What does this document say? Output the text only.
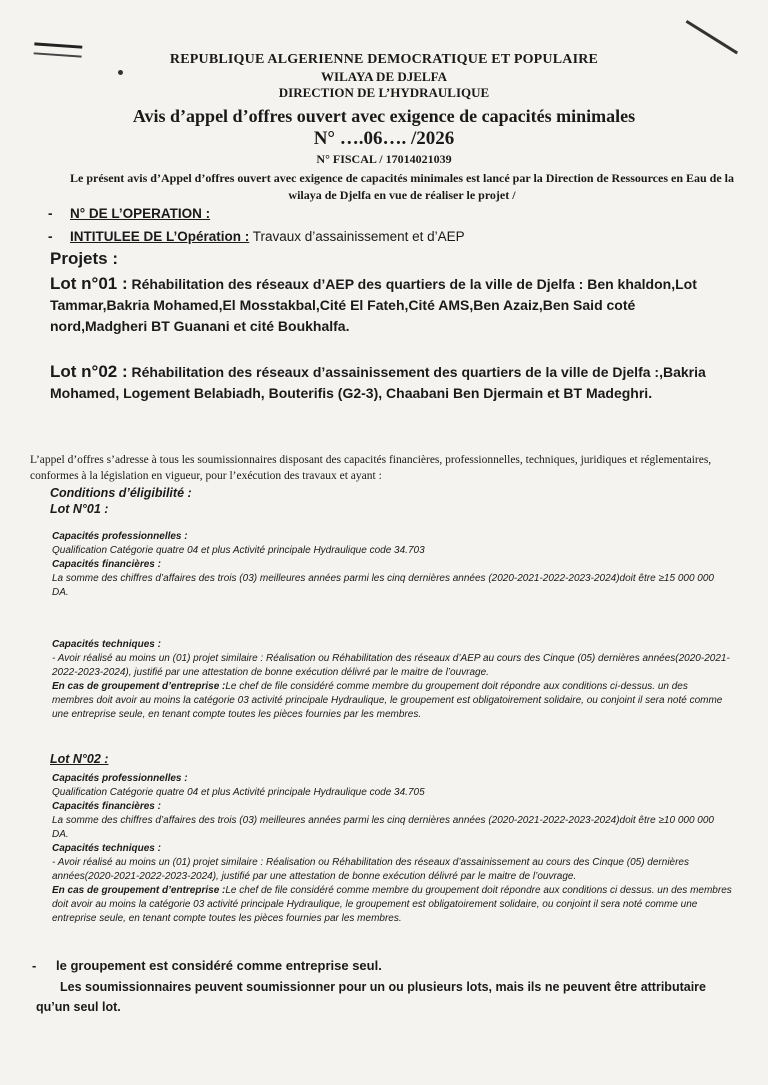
REPUBLIQUE ALGERIENNE DEMOCRATIQUE ET POPULAIRE
WILAYA DE DJELFA
DIRECTION DE L’HYDRAULIQUE
Avis d’appel d’offres ouvert avec exigence de capacités minimales
N° ….06…. /2026
N° FISCAL / 17014021039
Le présent avis d’Appel d’offres ouvert avec exigence de capacités minimales est lancé par la Direction de Ressources en Eau de la wilaya de Djelfa en vue de réaliser le projet /
- N° DE L’OPERATION :
- INTITULEE DE L’Opération : Travaux d’assainissement et d’AEP
Projets :
Lot n°01 : Réhabilitation des réseaux d’AEP des quartiers de la ville de Djelfa : Ben khaldon,Lot Tammar,Bakria Mohamed,El Mosstakbal,Cité El Fateh,Cité AMS,Ben Azaiz,Ben Said coté nord,Madgheri BT Guanani et cité Boukhalfa.
Lot n°02 : Réhabilitation des réseaux d’assainissement des quartiers de la ville de Djelfa :,Bakria Mohamed, Logement Belabiadh, Bouterifis (G2-3), Chaabani Ben Djermain et BT Madeghri.
L’appel d’offres s’adresse à tous les soumissionnaires disposant des capacités financières, professionnelles, techniques, juridiques et réglementaires, conformes à la législation en vigueur, pour l’exécution des travaux et ayant :
Conditions d’éligibilité :
Lot N°01 :
Capacités professionnelles :
Qualification Catégorie quatre 04 et plus Activité principale Hydraulique code 34.703
Capacités financières :
La somme des chiffres d’affaires des trois (03) meilleures années parmi les cinq dernières années (2020-2021-2022-2023-2024)doit être ≥15 000 000 DA.
Capacités techniques :
- Avoir réalisé au moins un (01) projet similaire : Réalisation ou Réhabilitation des réseaux d’AEP au cours des Cinque (05) dernières années(2020-2021-2022-2023-2024), justifié par une attestation de bonne exécution délivré par le maitre de l’ouvrage.
En cas de groupement d’entreprise :Le chef de file considéré comme membre du groupement doit répondre aux conditions ci-dessus. un des membres doit avoir au moins la catégorie 03 activité principale Hydraulique, le groupement est obligatoirement solidaire, ou conjoint il sera noté comme une entreprise seule, en tenant compte toutes les pièces fournies par les membres.
Lot N°02 :
Capacités professionnelles :
Qualification Catégorie quatre 04 et plus Activité principale Hydraulique code 34.705
Capacités financières :
La somme des chiffres d’affaires des trois (03) meilleures années parmi les cinq dernières années (2020-2021-2022-2023-2024)doit être ≥10 000 000 DA.
Capacités techniques :
- Avoir réalisé au moins un (01) projet similaire : Réalisation ou Réhabilitation des réseaux d’assainissement au cours des Cinque (05) dernières années(2020-2021-2022-2023-2024), justifié par une attestation de bonne exécution délivré par le maitre de l’ouvrage.
En cas de groupement d’entreprise :Le chef de file considéré comme membre du groupement doit répondre aux conditions ci dessus. un des membres doit avoir au moins la catégorie 03 activité principale Hydraulique, le groupement est obligatoirement solidaire, ou conjoint il sera noté comme une entreprise seule, en tenant compte toutes les pièces fournies par les membres.
- le groupement est considéré comme entreprise seul.
Les soumissionnaires peuvent soumissionner pour un ou plusieurs lots, mais ils ne peuvent être attributaire qu’un seul lot.
